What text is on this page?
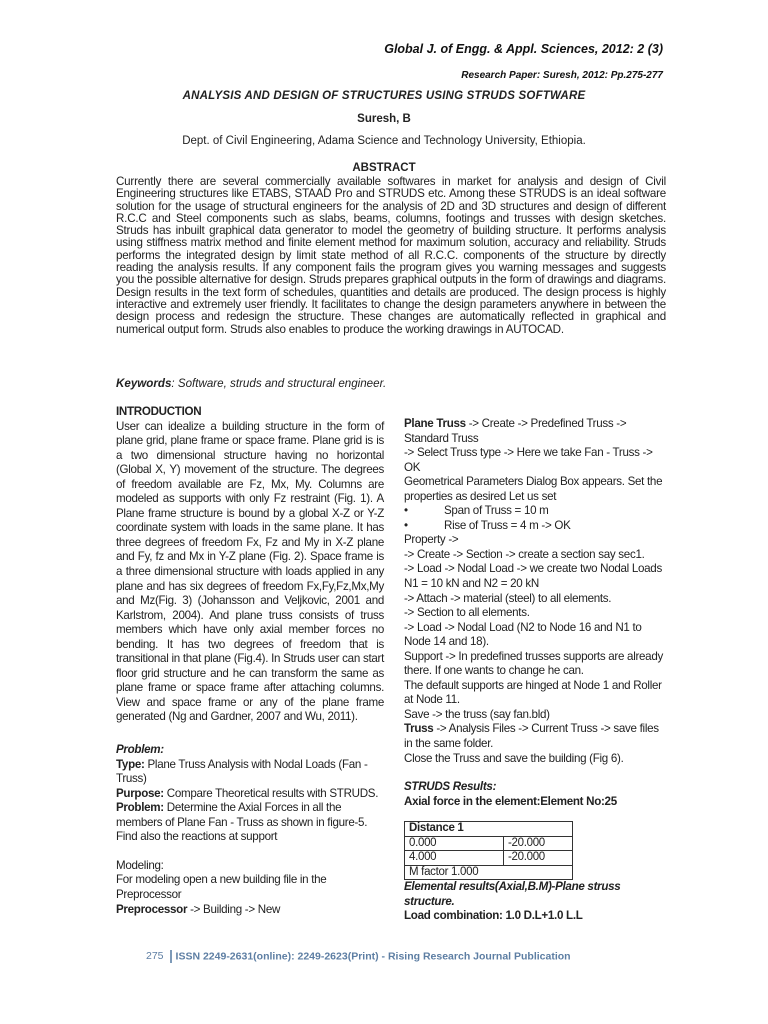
Global J. of Engg. & Appl. Sciences, 2012: 2 (3)
Research Paper: Suresh, 2012: Pp.275-277
ANALYSIS AND DESIGN OF STRUCTURES USING STRUDS SOFTWARE
Suresh, B
Dept. of Civil Engineering, Adama Science and Technology University, Ethiopia.
ABSTRACT
Currently there are several commercially available softwares in market for analysis and design of Civil Engineering structures like ETABS, STAAD Pro and STRUDS etc. Among these STRUDS is an ideal software solution for the usage of structural engineers for the analysis of 2D and 3D structures and design of different R.C.C and Steel components such as slabs, beams, columns, footings and trusses with design sketches. Struds has inbuilt graphical data generator to model the geometry of building structure. It performs analysis using stiffness matrix method and finite element method for maximum solution, accuracy and reliability. Struds performs the integrated design by limit state method of all R.C.C. components of the structure by directly reading the analysis results. If any component fails the program gives you warning messages and suggests you the possible alternative for design. Struds prepares graphical outputs in the form of drawings and diagrams. Design results in the text form of schedules, quantities and details are produced. The design process is highly interactive and extremely user friendly. It facilitates to change the design parameters anywhere in between the design process and redesign the structure. These changes are automatically reflected in graphical and numerical output form. Struds also enables to produce the working drawings in AUTOCAD.
Keywords: Software, struds and structural engineer.

INTRODUCTION

User can idealize a building structure in the form of plane grid, plane frame or space frame. Plane grid is is a two dimensional structure having no horizontal (Global X, Y) movement of the structure. The degrees of freedom available are Fz, Mx, My. Columns are modeled as supports with only Fz restraint (Fig. 1). A Plane frame structure is bound by a global X-Z or Y-Z coordinate system with loads in the same plane. It has three degrees of freedom Fx, Fz and My in X-Z plane and Fy, fz and Mx in Y-Z plane (Fig. 2). Space frame is a three dimensional structure with loads applied in any plane and has six degrees of freedom Fx,Fy,Fz,Mx,My and Mz(Fig. 3) (Johansson and Veljkovic, 2001 and Karlstrom, 2004). And plane truss consists of truss members which have only axial member forces no bending. It has two degrees of freedom that is transitional in that plane (Fig.4). In Struds user can start floor grid structure and he can transform the same as plane frame or space frame after attaching columns. View and space frame or any of the plane frame generated (Ng and Gardner, 2007 and Wu, 2011).

Problem:

Type: Plane Truss Analysis with Nodal Loads (Fan - Truss)

Purpose: Compare Theoretical results with STRUDS.

Problem: Determine the Axial Forces in all the members of Plane Fan - Truss as shown in figure-5. Find also the reactions at support

Modeling:

For modeling open a new building file in the Preprocessor

Preprocessor -> Building -> New

Plane Truss -> Create -> Predefined Truss -> Standard Truss

-> Select Truss type -> Here we take Fan - Truss -> OK

Geometrical Parameters Dialog Box appears. Set the properties as desired Let us set

•	Span of Truss = 10 m

•	Rise of Truss = 4 m -> OK

Property ->

-> Create -> Section -> create a section say sec1.

-> Load -> Nodal Load -> we create two Nodal Loads

N1 = 10 kN and N2 = 20 kN

-> Attach -> material (steel) to all elements.

-> Section to all elements.

-> Load -> Nodal Load (N2 to Node 16 and N1 to Node 14 and 18).

Support -> In predefined trusses supports are already there. If one wants to change he can.

The default supports are hinged at Node 1 and Roller at Node 11.

Save -> the truss (say fan.bld)

Truss -> Analysis Files -> Current Truss -> save files in the same folder.

Close the Truss and save the building (Fig 6).

STRUDS Results:

Axial force in the element:Element No:25

Distance 1	
0.000	-20.000
4.000	-20.000
M factor 1.000	

Elemental results(Axial,B.M)-Plane struss structure.

Load combination: 1.0 D.L+1.0 L.L

275 ISSN 2249-2631(online): 2249-2623(Print) - Rising Research Journal Publication
